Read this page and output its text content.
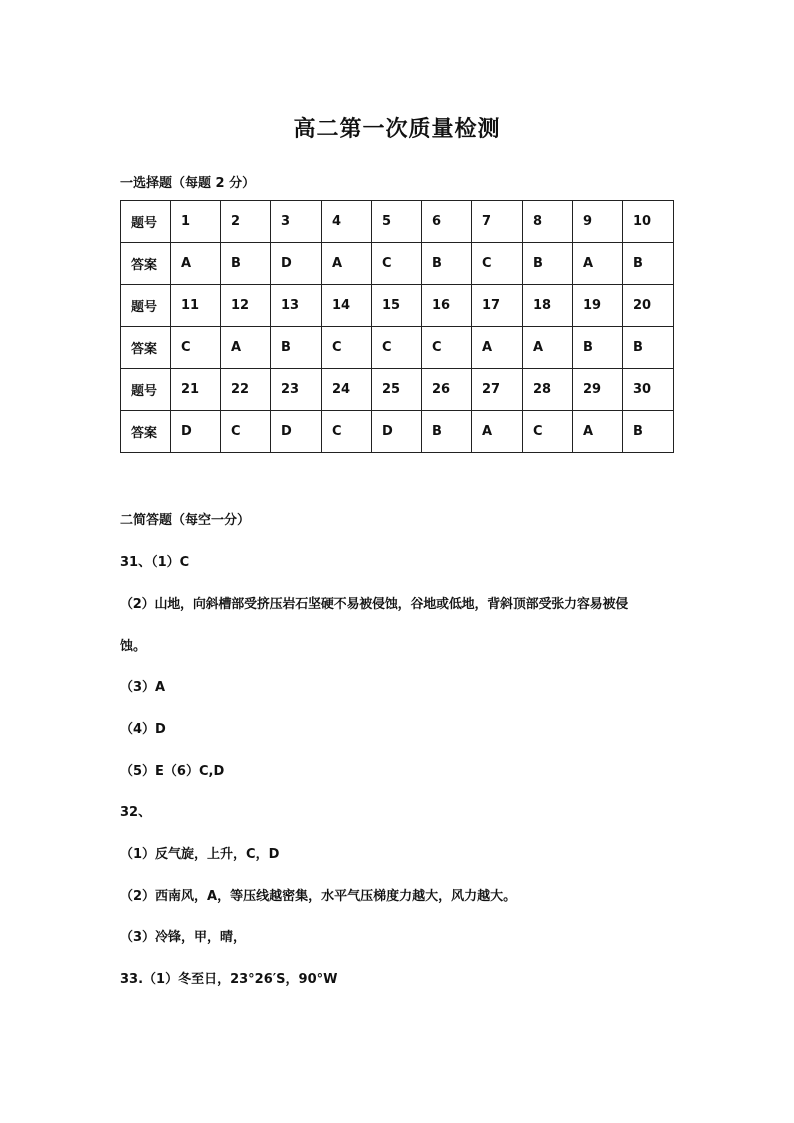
高二第一次质量检测
一选择题（每题 2 分）
题号	1	2	3	4	5	6	7	8	9	10
答案	A	B	D	A	C	B	C	B	A	B
题号	11	12	13	14	15	16	17	18	19	20
答案	C	A	B	C	C	C	A	A	B	B
题号	21	22	23	24	25	26	27	28	29	30
答案	D	C	D	C	D	B	A	C	A	B
二简答题（每空一分）
31、（1）C
（2）山地，向斜槽部受挤压岩石坚硬不易被侵蚀，谷地或低地，背斜顶部受张力容易被侵
蚀。
（3）A
（4）D
（5）E（6）C,D
32、
（1）反气旋，上升，C，D
（2）西南风，A，等压线越密集，水平气压梯度力越大，风力越大。
（3）冷锋，甲，晴，
33.（1）冬至日，23°26′S，90°W
